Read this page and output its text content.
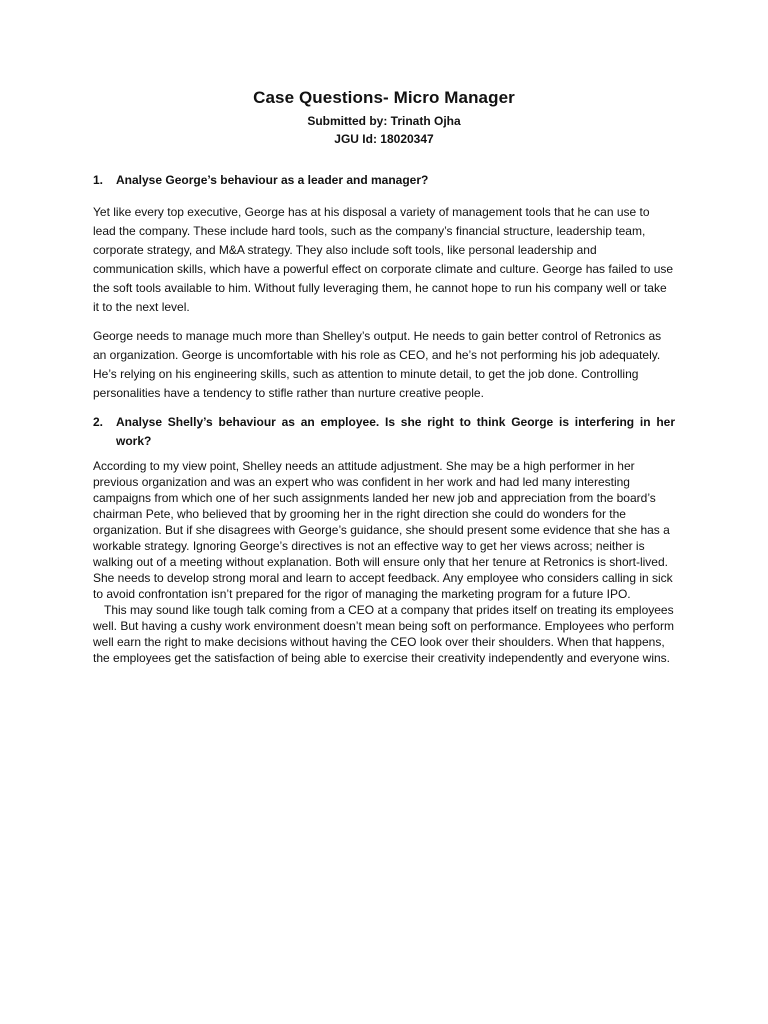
Case Questions- Micro Manager

Submitted by: Trinath Ojha

JGU Id: 18020347

1.	Analyse George’s behaviour as a leader and manager?

Yet like every top executive, George has at his disposal a variety of management tools that he can use to lead the company. These include hard tools, such as the company’s financial structure, leadership team, corporate strategy, and M&A strategy. They also include soft tools, like personal leadership and communication skills, which have a powerful effect on corporate climate and culture. George has failed to use the soft tools available to him. Without fully leveraging them, he cannot hope to run his company well or take it to the next level.

George needs to manage much more than Shelley’s output. He needs to gain better control of Retronics as an organization. George is uncomfortable with his role as CEO, and he’s not performing his job adequately. He’s relying on his engineering skills, such as attention to minute detail, to get the job done. Controlling personalities have a tendency to stifle rather than nurture creative people.

2.	Analyse Shelly’s behaviour as an employee. Is she right to think George is interfering in her work?

According to my view point, Shelley needs an attitude adjustment. She may be a high performer in her previous organization and was an expert who was confident in her work and had led many interesting campaigns from which one of her such assignments landed her new job and appreciation from the board’s chairman Pete, who believed that by grooming her in the right direction she could do wonders for the organization. But if she disagrees with George’s guidance, she should present some evidence that she has a workable strategy. Ignoring George’s directives is not an effective way to get her views across; neither is walking out of a meeting without explanation. Both will ensure only that her tenure at Retronics is short-lived. She needs to develop strong moral and learn to accept feedback. Any employee who considers calling in sick to avoid confrontation isn’t prepared for the rigor of managing the marketing program for a future IPO.

This may sound like tough talk coming from a CEO at a company that prides itself on treating its employees well. But having a cushy work environment doesn’t mean being soft on performance. Employees who perform well earn the right to make decisions without having the CEO look over their shoulders. When that happens, the employees get the satisfaction of being able to exercise their creativity independently and everyone wins.
